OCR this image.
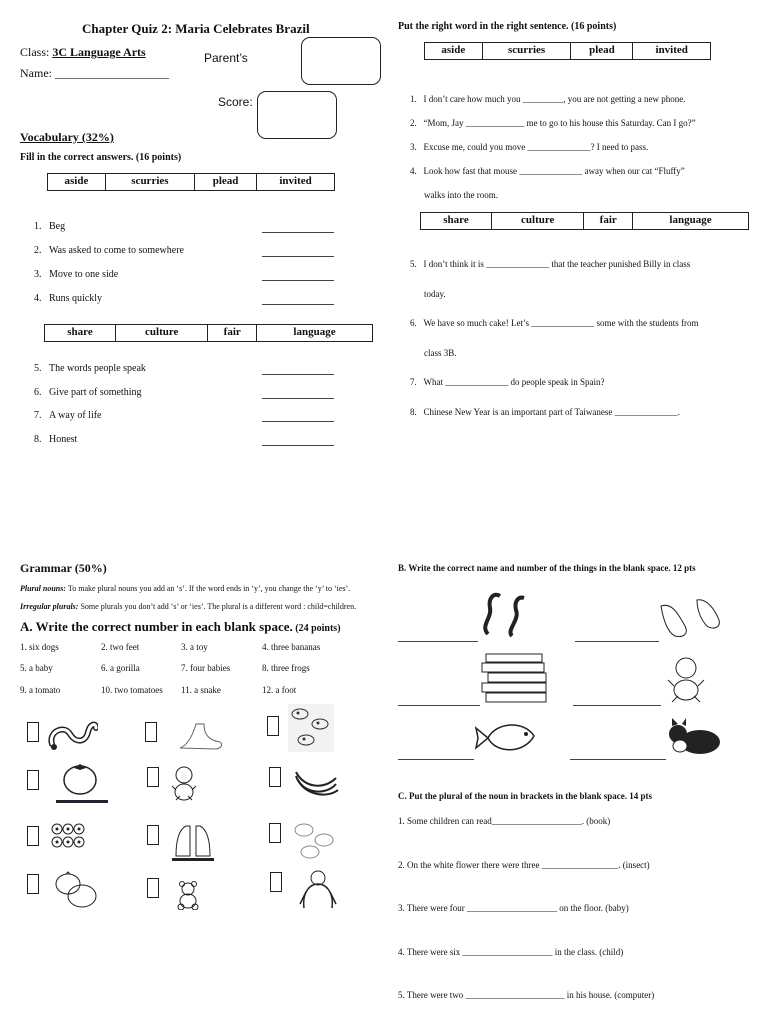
Chapter Quiz 2: Maria Celebrates Brazil
Class: 3C Language Arts
Name: ___________________
Parent’s
Score:
Vocabulary (32%)
Fill in the correct answers. (16 points)
aside	scurries	plead	invited
1. Beg
2. Was asked to come to somewhere
3. Move to one side
4. Runs quickly
share	culture	fair	language
5. The words people speak
6. Give part of something
7. A way of life
8. Honest
Put the right word in the right sentence. (16 points)
aside	scurries	plead	invited
1. I don’t care how much you _________, you are not getting a new phone.
2. “Mom, Jay _____________ me to go to his house this Saturday. Can I go?”
3. Excuse me, could you move ______________? I need to pass.
4. Look how fast that mouse ______________ away when our cat “Fluffy”
walks into the room.
share	culture	fair	language
5. I don’t think it is ______________ that the teacher punished Billy in class
today.
6. We have so much cake! Let’s ______________ some with the students from
class 3B.
7. What ______________ do people speak in Spain?
8. Chinese New Year is an important part of Taiwanese ______________.
Grammar (50%)
Plural nouns: To make plural nouns you add an ‘s’. If the word ends in ‘y’, you change the ‘y’ to ‘ies’.
Irregular plurals: Some plurals you don’t add ‘s’ or ‘ies’. The plural is a different word : child=children.
A. Write the correct number in each blank space. (24 points)
1. six dogs	2. two feet	3. a toy	4. three bananas
5. a baby	6. a gorilla	7. four babies	8. three frogs
9. a tomato	10. two tomatoes 11. a snake	12. a foot
B. Write the correct name and number of the things in the blank space. 12 pts
C. Put the plural of the noun in brackets in the blank space. 14 pts
1. Some children can read____________________. (book)
2. On the white flower there were three _________________. (insect)
3. There were four ____________________ on the floor. (baby)
4. There were six ____________________ in the class. (child)
5. There were two ______________________ in his house. (computer)
